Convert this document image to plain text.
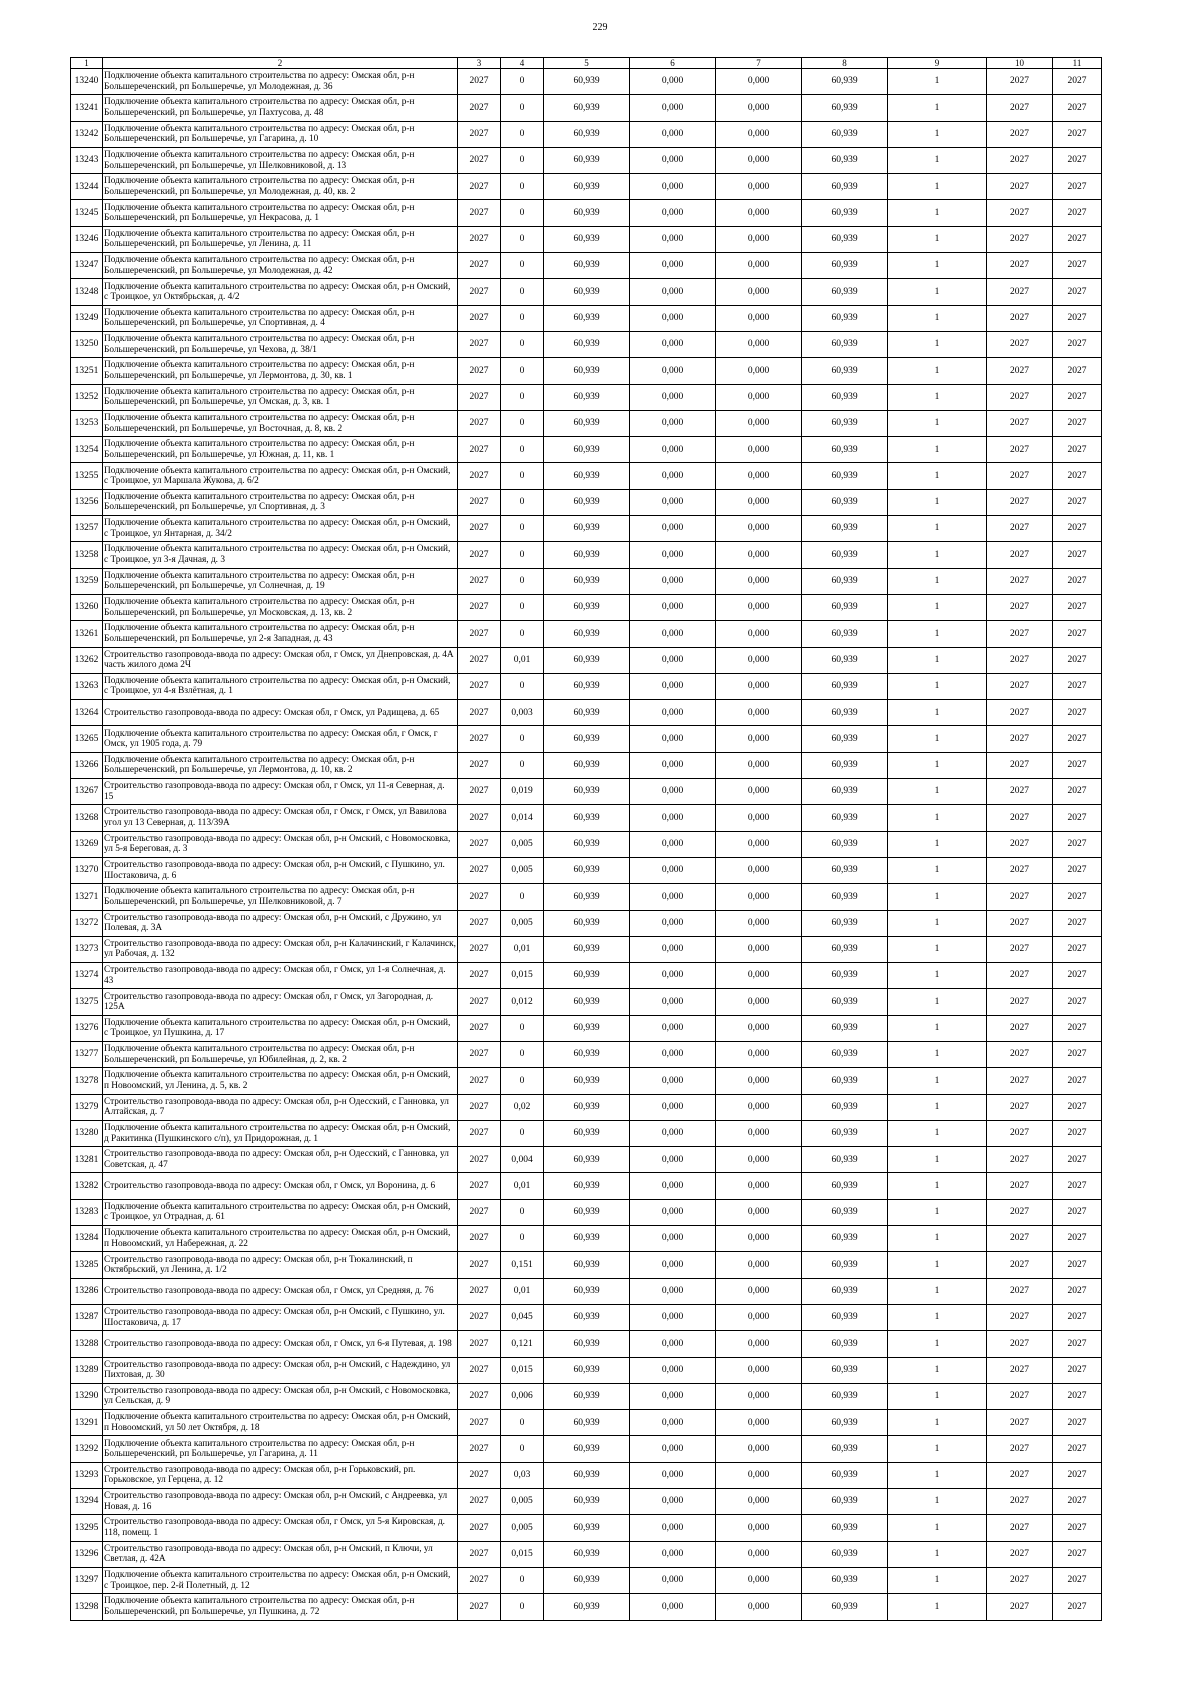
229
1	2	3	4	5	6	7	8	9	10	11
13240	Подключение объекта капитального строительства по адресу: Омская обл, р-н Большереченский, рп Большеречье, ул Молодежная, д. 36	2027	0	60,939	0,000	0,000	60,939	1	2027	2027
13241	Подключение объекта капитального строительства по адресу: Омская обл, р-н Большереченский, рп Большеречье, ул Пахтусова, д. 48	2027	0	60,939	0,000	0,000	60,939	1	2027	2027
13242	Подключение объекта капитального строительства по адресу: Омская обл, р-н Большереченский, рп Большеречье, ул Гагарина, д. 10	2027	0	60,939	0,000	0,000	60,939	1	2027	2027
13243	Подключение объекта капитального строительства по адресу: Омская обл, р-н Большереченский, рп Большеречье, ул Шелковниковой, д. 13	2027	0	60,939	0,000	0,000	60,939	1	2027	2027
13244	Подключение объекта капитального строительства по адресу: Омская обл, р-н Большереченский, рп Большеречье, ул Молодежная, д. 40, кв. 2	2027	0	60,939	0,000	0,000	60,939	1	2027	2027
13245	Подключение объекта капитального строительства по адресу: Омская обл, р-н Большереченский, рп Большеречье, ул Некрасова, д. 1	2027	0	60,939	0,000	0,000	60,939	1	2027	2027
13246	Подключение объекта капитального строительства по адресу: Омская обл, р-н Большереченский, рп Большеречье, ул Ленина, д. 11	2027	0	60,939	0,000	0,000	60,939	1	2027	2027
13247	Подключение объекта капитального строительства по адресу: Омская обл, р-н Большереченский, рп Большеречье, ул Молодежная, д. 42	2027	0	60,939	0,000	0,000	60,939	1	2027	2027
13248	Подключение объекта капитального строительства по адресу: Омская обл, р-н Омский, с Троицкое, ул Октябрьская, д. 4/2	2027	0	60,939	0,000	0,000	60,939	1	2027	2027
13249	Подключение объекта капитального строительства по адресу: Омская обл, р-н Большереченский, рп Большеречье, ул Спортивная, д. 4	2027	0	60,939	0,000	0,000	60,939	1	2027	2027
13250	Подключение объекта капитального строительства по адресу: Омская обл, р-н Большереченский, рп Большеречье, ул Чехова, д. 38/1	2027	0	60,939	0,000	0,000	60,939	1	2027	2027
13251	Подключение объекта капитального строительства по адресу: Омская обл, р-н Большереченский, рп Большеречье, ул Лермонтова, д. 30, кв. 1	2027	0	60,939	0,000	0,000	60,939	1	2027	2027
13252	Подключение объекта капитального строительства по адресу: Омская обл, р-н Большереченский, рп Большеречье, ул Омская, д. 3, кв. 1	2027	0	60,939	0,000	0,000	60,939	1	2027	2027
13253	Подключение объекта капитального строительства по адресу: Омская обл, р-н Большереченский, рп Большеречье, ул Восточная, д. 8, кв. 2	2027	0	60,939	0,000	0,000	60,939	1	2027	2027
13254	Подключение объекта капитального строительства по адресу: Омская обл, р-н Большереченский, рп Большеречье, ул Южная, д. 11, кв. 1	2027	0	60,939	0,000	0,000	60,939	1	2027	2027
13255	Подключение объекта капитального строительства по адресу: Омская обл, р-н Омский, с Троицкое, ул Маршала Жукова, д. 6/2	2027	0	60,939	0,000	0,000	60,939	1	2027	2027
13256	Подключение объекта капитального строительства по адресу: Омская обл, р-н Большереченский, рп Большеречье, ул Спортивная, д. 3	2027	0	60,939	0,000	0,000	60,939	1	2027	2027
13257	Подключение объекта капитального строительства по адресу: Омская обл, р-н Омский, с Троицкое, ул Янтарная, д. 34/2	2027	0	60,939	0,000	0,000	60,939	1	2027	2027
13258	Подключение объекта капитального строительства по адресу: Омская обл, р-н Омский, с Троицкое, ул 3-я Дачная, д. 3	2027	0	60,939	0,000	0,000	60,939	1	2027	2027
13259	Подключение объекта капитального строительства по адресу: Омская обл, р-н Большереченский, рп Большеречье, ул Солнечная, д. 19	2027	0	60,939	0,000	0,000	60,939	1	2027	2027
13260	Подключение объекта капитального строительства по адресу: Омская обл, р-н Большереченский, рп Большеречье, ул Московская, д. 13, кв. 2	2027	0	60,939	0,000	0,000	60,939	1	2027	2027
13261	Подключение объекта капитального строительства по адресу: Омская обл, р-н Большереченский, рп Большеречье, ул 2-я Западная, д. 43	2027	0	60,939	0,000	0,000	60,939	1	2027	2027
13262	Строительство газопровода-ввода по адресу: Омская обл, г Омск, ул Днепровская, д. 4А часть жилого дома 2Ч	2027	0,01	60,939	0,000	0,000	60,939	1	2027	2027
13263	Подключение объекта капитального строительства по адресу: Омская обл, р-н Омский, с Троицкое, ул 4-я Взлётная, д. 1	2027	0	60,939	0,000	0,000	60,939	1	2027	2027
13264	Строительство газопровода-ввода по адресу: Омская обл, г Омск, ул Радищева, д. 65	2027	0,003	60,939	0,000	0,000	60,939	1	2027	2027
13265	Подключение объекта капитального строительства по адресу: Омская обл, г Омск, г Омск, ул 1905 года, д. 79	2027	0	60,939	0,000	0,000	60,939	1	2027	2027
13266	Подключение объекта капитального строительства по адресу: Омская обл, р-н Большереченский, рп Большеречье, ул Лермонтова, д. 10, кв. 2	2027	0	60,939	0,000	0,000	60,939	1	2027	2027
13267	Строительство газопровода-ввода по адресу: Омская обл, г Омск, ул 11-я Северная, д. 15	2027	0,019	60,939	0,000	0,000	60,939	1	2027	2027
13268	Строительство газопровода-ввода по адресу: Омская обл, г Омск, г Омск, ул Вавилова угол ул 13 Северная, д. 113/39А	2027	0,014	60,939	0,000	0,000	60,939	1	2027	2027
13269	Строительство газопровода-ввода по адресу: Омская обл, р-н Омский, с Новомосковка, ул 5-я Береговая, д. 3	2027	0,005	60,939	0,000	0,000	60,939	1	2027	2027
13270	Строительство газопровода-ввода по адресу: Омская обл, р-н Омский, с Пушкино, ул. Шостаковича, д. 6	2027	0,005	60,939	0,000	0,000	60,939	1	2027	2027
13271	Подключение объекта капитального строительства по адресу: Омская обл, р-н Большереченский, рп Большеречье, ул Шелковниковой, д. 7	2027	0	60,939	0,000	0,000	60,939	1	2027	2027
13272	Строительство газопровода-ввода по адресу: Омская обл, р-н Омский, с Дружино, ул Полевая, д. 3А	2027	0,005	60,939	0,000	0,000	60,939	1	2027	2027
13273	Строительство газопровода-ввода по адресу: Омская обл, р-н Калачинский, г Калачинск, ул Рабочая, д. 132	2027	0,01	60,939	0,000	0,000	60,939	1	2027	2027
13274	Строительство газопровода-ввода по адресу: Омская обл, г Омск, ул 1-я Солнечная, д. 43	2027	0,015	60,939	0,000	0,000	60,939	1	2027	2027
13275	Строительство газопровода-ввода по адресу: Омская обл, г Омск, ул Загородная, д. 125А	2027	0,012	60,939	0,000	0,000	60,939	1	2027	2027
13276	Подключение объекта капитального строительства по адресу: Омская обл, р-н Омский, с Троицкое, ул Пушкина, д. 17	2027	0	60,939	0,000	0,000	60,939	1	2027	2027
13277	Подключение объекта капитального строительства по адресу: Омская обл, р-н Большереченский, рп Большеречье, ул Юбилейная, д. 2, кв. 2	2027	0	60,939	0,000	0,000	60,939	1	2027	2027
13278	Подключение объекта капитального строительства по адресу: Омская обл, р-н Омский, п Новоомский, ул Ленина, д. 5, кв. 2	2027	0	60,939	0,000	0,000	60,939	1	2027	2027
13279	Строительство газопровода-ввода по адресу: Омская обл, р-н Одесский, с Ганновка, ул Алтайская, д. 7	2027	0,02	60,939	0,000	0,000	60,939	1	2027	2027
13280	Подключение объекта капитального строительства по адресу: Омская обл, р-н Омский, д Ракитинка (Пушкинского с/п), ул Придорожная, д. 1	2027	0	60,939	0,000	0,000	60,939	1	2027	2027
13281	Строительство газопровода-ввода по адресу: Омская обл, р-н Одесский, с Ганновка, ул Советская, д. 47	2027	0,004	60,939	0,000	0,000	60,939	1	2027	2027
13282	Строительство газопровода-ввода по адресу: Омская обл, г Омск, ул Воронина, д. 6	2027	0,01	60,939	0,000	0,000	60,939	1	2027	2027
13283	Подключение объекта капитального строительства по адресу: Омская обл, р-н Омский, с Троицкое, ул Отрадная, д. 61	2027	0	60,939	0,000	0,000	60,939	1	2027	2027
13284	Подключение объекта капитального строительства по адресу: Омская обл, р-н Омский, п Новоомский, ул Набережная, д. 22	2027	0	60,939	0,000	0,000	60,939	1	2027	2027
13285	Строительство газопровода-ввода по адресу: Омская обл, р-н Тюкалинский, п Октябрьский, ул Ленина, д. 1/2	2027	0,151	60,939	0,000	0,000	60,939	1	2027	2027
13286	Строительство газопровода-ввода по адресу: Омская обл, г Омск, ул Средняя, д. 76	2027	0,01	60,939	0,000	0,000	60,939	1	2027	2027
13287	Строительство газопровода-ввода по адресу: Омская обл, р-н Омский, с Пушкино, ул. Шостаковича, д. 17	2027	0,045	60,939	0,000	0,000	60,939	1	2027	2027
13288	Строительство газопровода-ввода по адресу: Омская обл, г Омск, ул 6-я Путевая, д. 198	2027	0,121	60,939	0,000	0,000	60,939	1	2027	2027
13289	Строительство газопровода-ввода по адресу: Омская обл, р-н Омский, с Надеждино, ул Пихтовая, д. 30	2027	0,015	60,939	0,000	0,000	60,939	1	2027	2027
13290	Строительство газопровода-ввода по адресу: Омская обл, р-н Омский, с Новомосковка, ул Сельская, д. 9	2027	0,006	60,939	0,000	0,000	60,939	1	2027	2027
13291	Подключение объекта капитального строительства по адресу: Омская обл, р-н Омский, п Новоомский, ул 50 лет Октября, д. 18	2027	0	60,939	0,000	0,000	60,939	1	2027	2027
13292	Подключение объекта капитального строительства по адресу: Омская обл, р-н Большереченский, рп Большеречье, ул Гагарина, д. 11	2027	0	60,939	0,000	0,000	60,939	1	2027	2027
13293	Строительство газопровода-ввода по адресу: Омская обл, р-н Горьковский, рп. Горьковское, ул Герцена, д. 12	2027	0,03	60,939	0,000	0,000	60,939	1	2027	2027
13294	Строительство газопровода-ввода по адресу: Омская обл, р-н Омский, с Андреевка, ул Новая, д. 16	2027	0,005	60,939	0,000	0,000	60,939	1	2027	2027
13295	Строительство газопровода-ввода по адресу: Омская обл, г Омск, ул 5-я Кировская, д. 118, помещ. 1	2027	0,005	60,939	0,000	0,000	60,939	1	2027	2027
13296	Строительство газопровода-ввода по адресу: Омская обл, р-н Омский, п Ключи, ул Светлая, д. 42А	2027	0,015	60,939	0,000	0,000	60,939	1	2027	2027
13297	Подключение объекта капитального строительства по адресу: Омская обл, р-н Омский, с Троицкое, пер. 2-й Полетный, д. 12	2027	0	60,939	0,000	0,000	60,939	1	2027	2027
13298	Подключение объекта капитального строительства по адресу: Омская обл, р-н Большереченский, рп Большеречье, ул Пушкина, д. 72	2027	0	60,939	0,000	0,000	60,939	1	2027	2027
